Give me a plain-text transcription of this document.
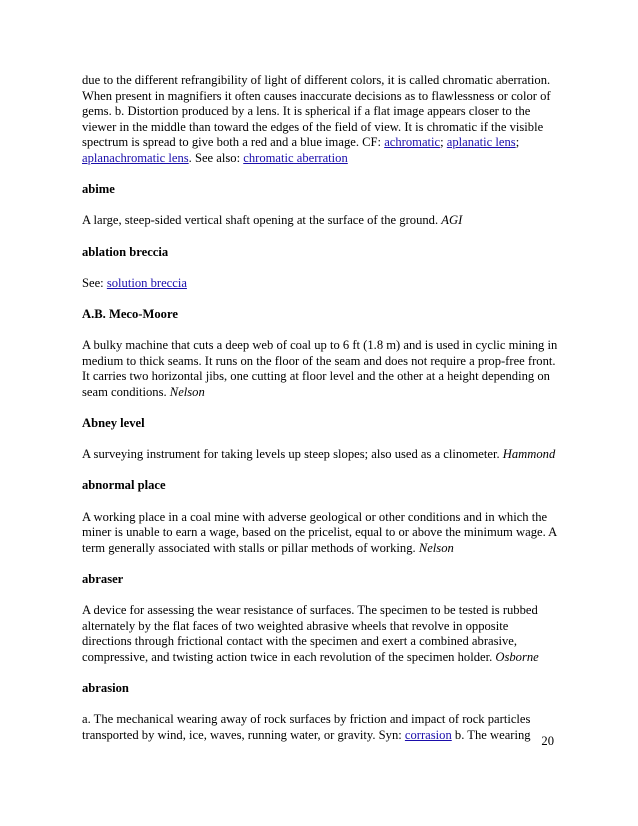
due to the different refrangibility of light of different colors, it is called chromatic aberration. When present in magnifiers it often causes inaccurate decisions as to flawlessness or color of gems. b. Distortion produced by a lens. It is spherical if a flat image appears closer to the viewer in the middle than toward the edges of the field of view. It is chromatic if the visible spectrum is spread to give both a red and a blue image. CF: achromatic; aplanatic lens; aplanachromatic lens. See also: chromatic aberration

abime

A large, steep-sided vertical shaft opening at the surface of the ground. AGI

ablation breccia

See: solution breccia

A.B. Meco-Moore

A bulky machine that cuts a deep web of coal up to 6 ft (1.8 m) and is used in cyclic mining in medium to thick seams. It runs on the floor of the seam and does not require a prop-free front. It carries two horizontal jibs, one cutting at floor level and the other at a height depending on seam conditions. Nelson

Abney level

A surveying instrument for taking levels up steep slopes; also used as a clinometer. Hammond

abnormal place

A working place in a coal mine with adverse geological or other conditions and in which the miner is unable to earn a wage, based on the pricelist, equal to or above the minimum wage. A term generally associated with stalls or pillar methods of working. Nelson

abraser

A device for assessing the wear resistance of surfaces. The specimen to be tested is rubbed alternately by the flat faces of two weighted abrasive wheels that revolve in opposite directions through frictional contact with the specimen and exert a combined abrasive, compressive, and twisting action twice in each revolution of the specimen holder. Osborne

abrasion

a. The mechanical wearing away of rock surfaces by friction and impact of rock particles transported by wind, ice, waves, running water, or gravity. Syn: corrasion b. The wearing 20
